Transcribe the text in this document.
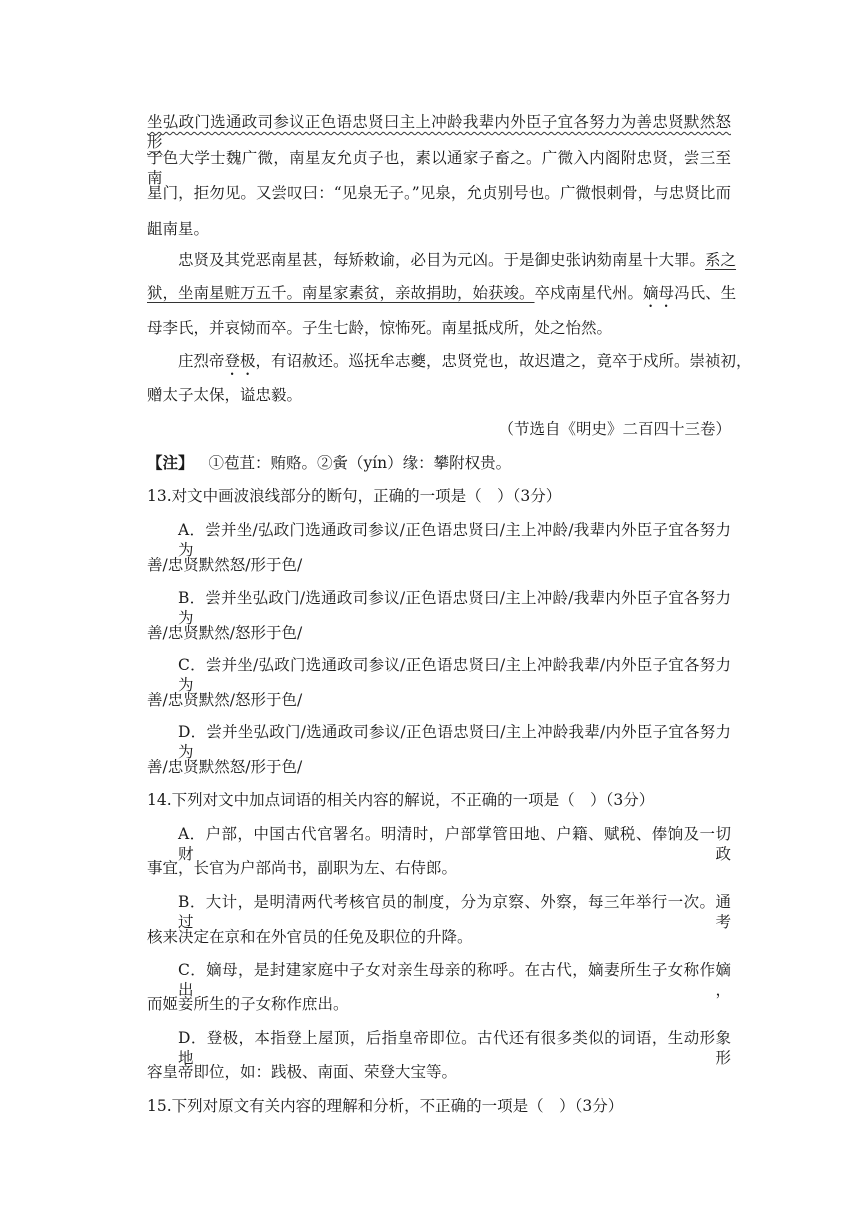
坐弘政门选通政司参议正色语忠贤曰主上冲龄我辈内外臣子宜各努力为善忠贤默然怒形
于色大学士魏广微，南星友允贞子也，素以通家子畜之。广微入内阁附忠贤，尝三至南
星门，拒勿见。又尝叹曰：“见泉无子。”见泉，允贞别号也。广微恨刺骨，与忠贤比而
龃南星。
忠贤及其党恶南星甚，每矫敕谕，必目为元凶。于是御史张讷劾南星十大罪。系之
狱，坐南星赃万五千。南星家素贫，亲故捐助，始获竣。卒戍南星代州。嫡母冯氏、生
母李氏，并哀恸而卒。子生七龄，惊怖死。南星抵戍所，处之怡然。
庄烈帝登极，有诏赦还。巡抚牟志夔，忠贤党也，故迟遣之，竟卒于戍所。崇祯初，
赠太子太保，谥忠毅。
（节选自《明史》二百四十三卷）
【注】 ①苞苴：贿赂。②夤（yín）缘：攀附权贵。
13.对文中画波浪线部分的断句，正确的一项是（　）（3分）
A．尝并坐/弘政门选通政司参议/正色语忠贤曰/主上冲龄/我辈内外臣子宜各努力为
善/忠贤默然怒/形于色/
B．尝并坐弘政门/选通政司参议/正色语忠贤曰/主上冲龄/我辈内外臣子宜各努力为
善/忠贤默然/怒形于色/
C．尝并坐/弘政门选通政司参议/正色语忠贤曰/主上冲龄我辈/内外臣子宜各努力为
善/忠贤默然/怒形于色/
D．尝并坐弘政门/选通政司参议/正色语忠贤曰/主上冲龄我辈/内外臣子宜各努力为
善/忠贤默然怒/形于色/
14.下列对文中加点词语的相关内容的解说，不正确的一项是（　）（3分）
A．户部，中国古代官署名。明清时，户部掌管田地、户籍、赋税、俸饷及一切财政
事宜，长官为户部尚书，副职为左、右侍郎。
B．大计，是明清两代考核官员的制度，分为京察、外察，每三年举行一次。通过考
核来决定在京和在外官员的任免及职位的升降。
C．嫡母，是封建家庭中子女对亲生母亲的称呼。在古代，嫡妻所生子女称作嫡出，
而姬妾所生的子女称作庶出。
D．登极，本指登上屋顶，后指皇帝即位。古代还有很多类似的词语，生动形象地形
容皇帝即位，如：践极、南面、荣登大宝等。
15.下列对原文有关内容的理解和分析，不正确的一项是（　）（3分）
